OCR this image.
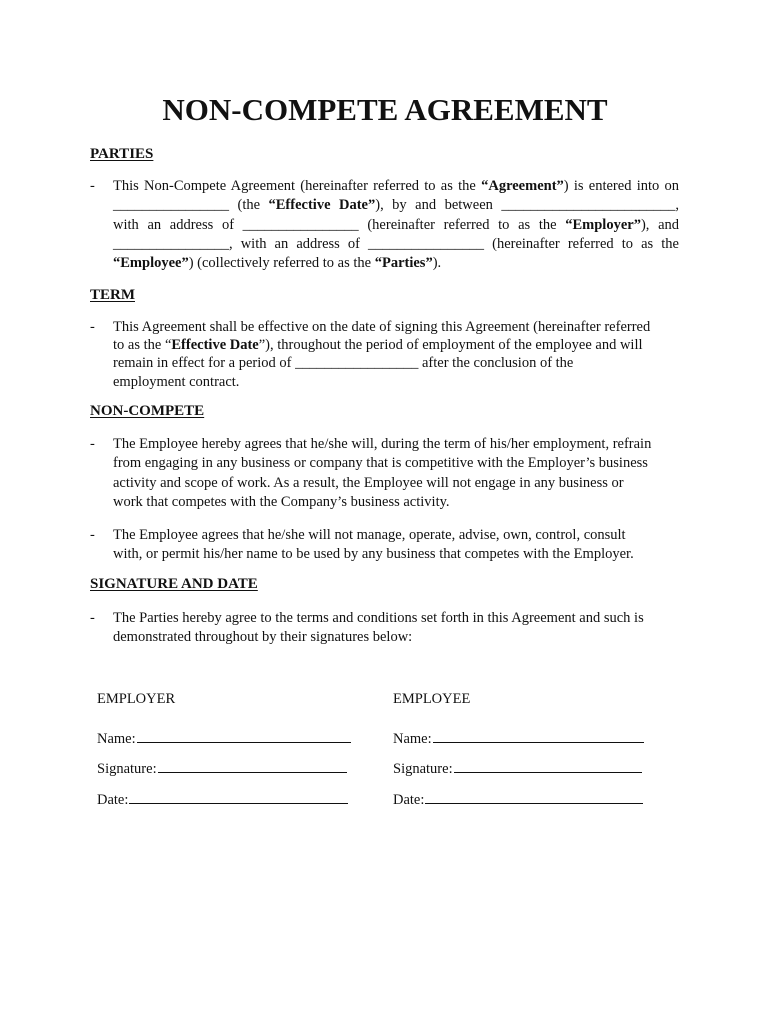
NON-COMPETE AGREEMENT
PARTIES
- This Non-Compete Agreement (hereinafter referred to as the “Agreement”) is entered into on
________________ (the “Effective Date”), by and between ________________________,
with an address of ________________ (hereinafter referred to as the “Employer”), and
________________, with an address of ________________ (hereinafter referred to as the
“Employee”) (collectively referred to as the “Parties”).
TERM
- This Agreement shall be effective on the date of signing this Agreement (hereinafter referred
to as the “Effective Date”), throughout the period of employment of the employee and will
remain in effect for a period of _________________ after the conclusion of the
employment contract.
NON-COMPETE
- The Employee hereby agrees that he/she will, during the term of his/her employment, refrain
from engaging in any business or company that is competitive with the Employer’s business
activity and scope of work. As a result, the Employee will not engage in any business or
work that competes with the Company’s business activity.
- The Employee agrees that he/she will not manage, operate, advise, own, control, consult
with, or permit his/her name to be used by any business that competes with the Employer.
SIGNATURE AND DATE
- The Parties hereby agree to the terms and conditions set forth in this Agreement and such is
demonstrated throughout by their signatures below:
EMPLOYER
Name:
Signature:
Date:
EMPLOYEE
Name:
Signature:
Date:
